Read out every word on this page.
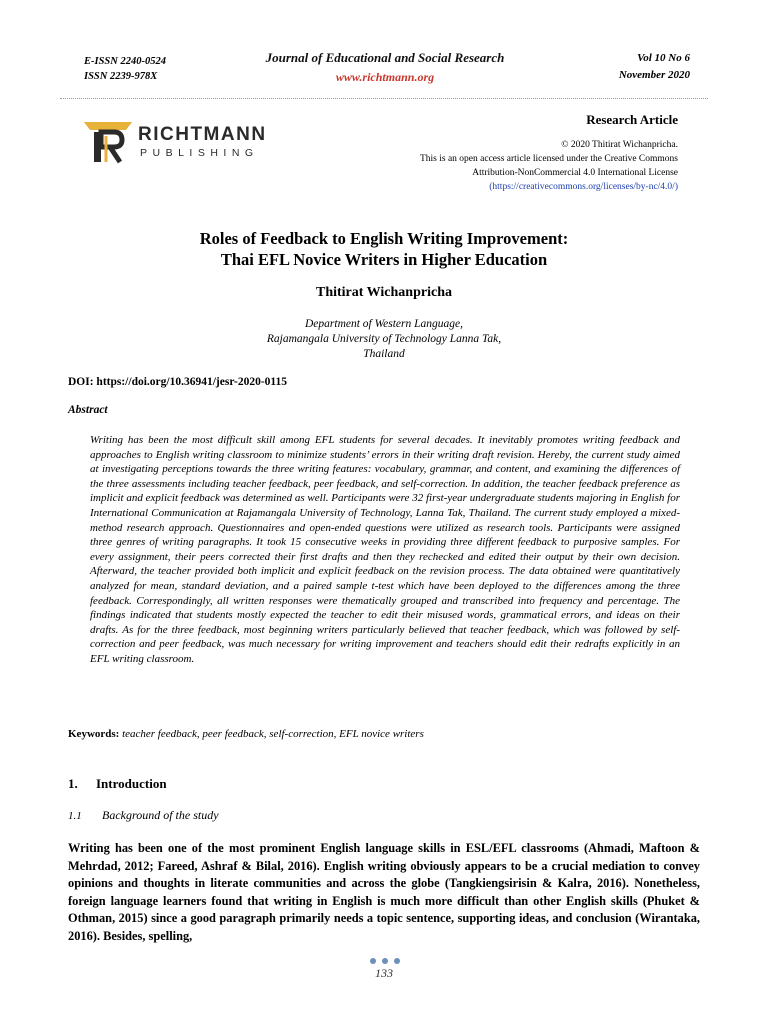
E-ISSN 2240-0524
ISSN 2239-978X
Journal of Educational and Social Research
www.richtmann.org
Vol 10 No 6
November 2020
RICHTMANN
PUBLISHING
Research Article
© 2020 Thitirat Wichanpricha.
This is an open access article licensed under the Creative Commons
Attribution-NonCommercial 4.0 International License
(https://creativecommons.org/licenses/by-nc/4.0/)
Roles of Feedback to English Writing Improvement:
Thai EFL Novice Writers in Higher Education
Thitirat Wichanpricha
Department of Western Language,
Rajamangala University of Technology Lanna Tak,
Thailand
DOI: https://doi.org/10.36941/jesr-2020-0115
Abstract
Writing has been the most difficult skill among EFL students for several decades. It inevitably promotes writing feedback and approaches to English writing classroom to minimize students’ errors in their writing draft revision. Hereby, the current study aimed at investigating perceptions towards the three writing features: vocabulary, grammar, and content, and examining the differences of the three assessments including teacher feedback, peer feedback, and self-correction. In addition, the teacher feedback preference as implicit and explicit feedback was determined as well. Participants were 32 first-year undergraduate students majoring in English for International Communication at Rajamangala University of Technology, Lanna Tak, Thailand. The current study employed a mixed-method research approach. Questionnaires and open-ended questions were utilized as research tools. Participants were assigned three genres of writing paragraphs. It took 15 consecutive weeks in providing three different feedback to purposive samples. For every assignment, their peers corrected their first drafts and then they rechecked and edited their output by their own decision. Afterward, the teacher provided both implicit and explicit feedback on the revision process. The data obtained were quantitatively analyzed for mean, standard deviation, and a paired sample t-test which have been deployed to the differences among the three feedback. Correspondingly, all written responses were thematically grouped and transcribed into frequency and percentage. The findings indicated that students mostly expected the teacher to edit their misused words, grammatical errors, and ideas on their drafts. As for the three feedback, most beginning writers particularly believed that teacher feedback, which was followed by self-correction and peer feedback, was much necessary for writing improvement and teachers should edit their redrafts explicitly in an EFL writing classroom.
Keywords: teacher feedback, peer feedback, self-correction, EFL novice writers
1. Introduction
1.1 Background of the study
Writing has been one of the most prominent English language skills in ESL/EFL classrooms (Ahmadi, Maftoon & Mehrdad, 2012; Fareed, Ashraf & Bilal, 2016). English writing obviously appears to be a crucial mediation to convey opinions and thoughts in literate communities and across the globe (Tangkiengsirisin & Kalra, 2016). Nonetheless, foreign language learners found that writing in English is much more difficult than other English skills (Phuket & Othman, 2015) since a good paragraph primarily needs a topic sentence, supporting ideas, and conclusion (Wirantaka, 2016). Besides, spelling,
133
